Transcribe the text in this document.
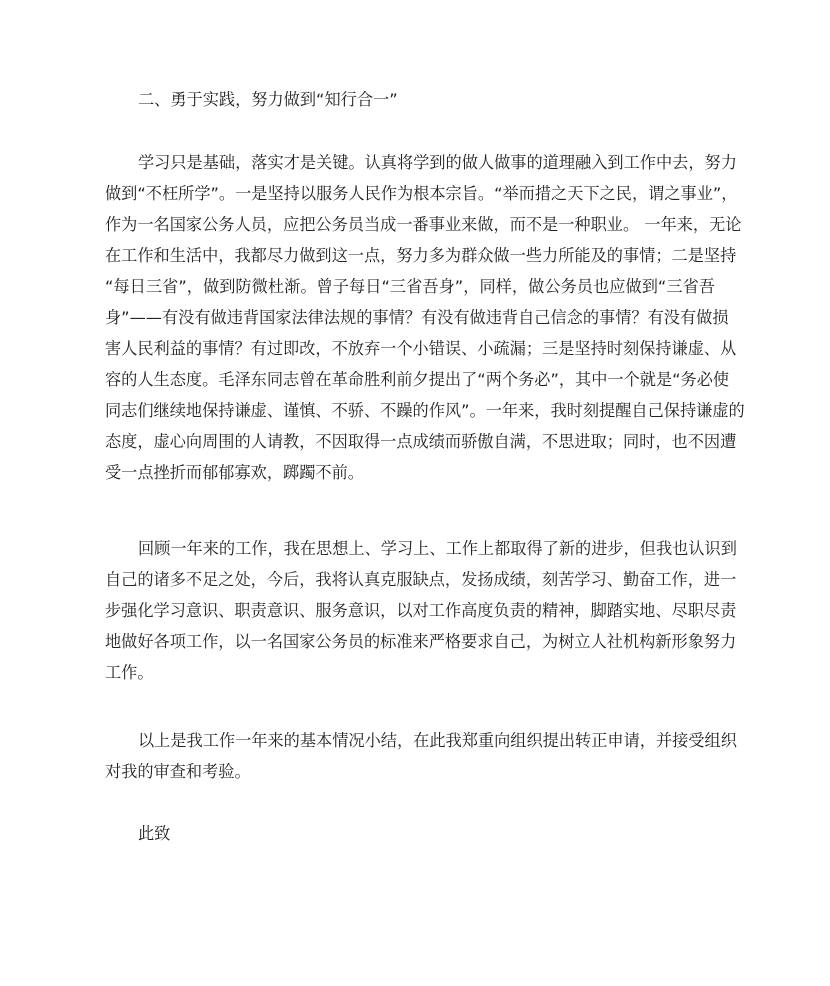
二、勇于实践，努力做到“知行合一”
学习只是基础，落实才是关键。认真将学到的做人做事的道理融入到工作中去，努力
做到“不枉所学”。一是坚持以服务人民作为根本宗旨。“举而措之天下之民，谓之事业”，
作为一名国家公务人员，应把公务员当成一番事业来做，而不是一种职业。 一年来，无论
在工作和生活中，我都尽力做到这一点，努力多为群众做一些力所能及的事情；二是坚持
“每日三省”，做到防微杜渐。曾子每日“三省吾身”，同样，做公务员也应做到“三省吾
身”——有没有做违背国家法律法规的事情？有没有做违背自己信念的事情？有没有做损
害人民利益的事情？有过即改，不放弃一个小错误、小疏漏；三是坚持时刻保持谦虚、从
容的人生态度。毛泽东同志曾在革命胜利前夕提出了“两个务必”，其中一个就是“务必使
同志们继续地保持谦虚、谨慎、不骄、不躁的作风”。一年来，我时刻提醒自己保持谦虚的
态度，虚心向周围的人请教，不因取得一点成绩而骄傲自满，不思进取；同时，也不因遭
受一点挫折而郁郁寡欢，踯躅不前。
回顾一年来的工作，我在思想上、学习上、工作上都取得了新的进步，但我也认识到
自己的诸多不足之处，今后，我将认真克服缺点，发扬成绩，刻苦学习、勤奋工作，进一
步强化学习意识、职责意识、服务意识，以对工作高度负责的精神，脚踏实地、尽职尽责
地做好各项工作，以一名国家公务员的标准来严格要求自己，为树立人社机构新形象努力
工作。
以上是我工作一年来的基本情况小结，在此我郑重向组织提出转正申请，并接受组织
对我的审查和考验。
此致
